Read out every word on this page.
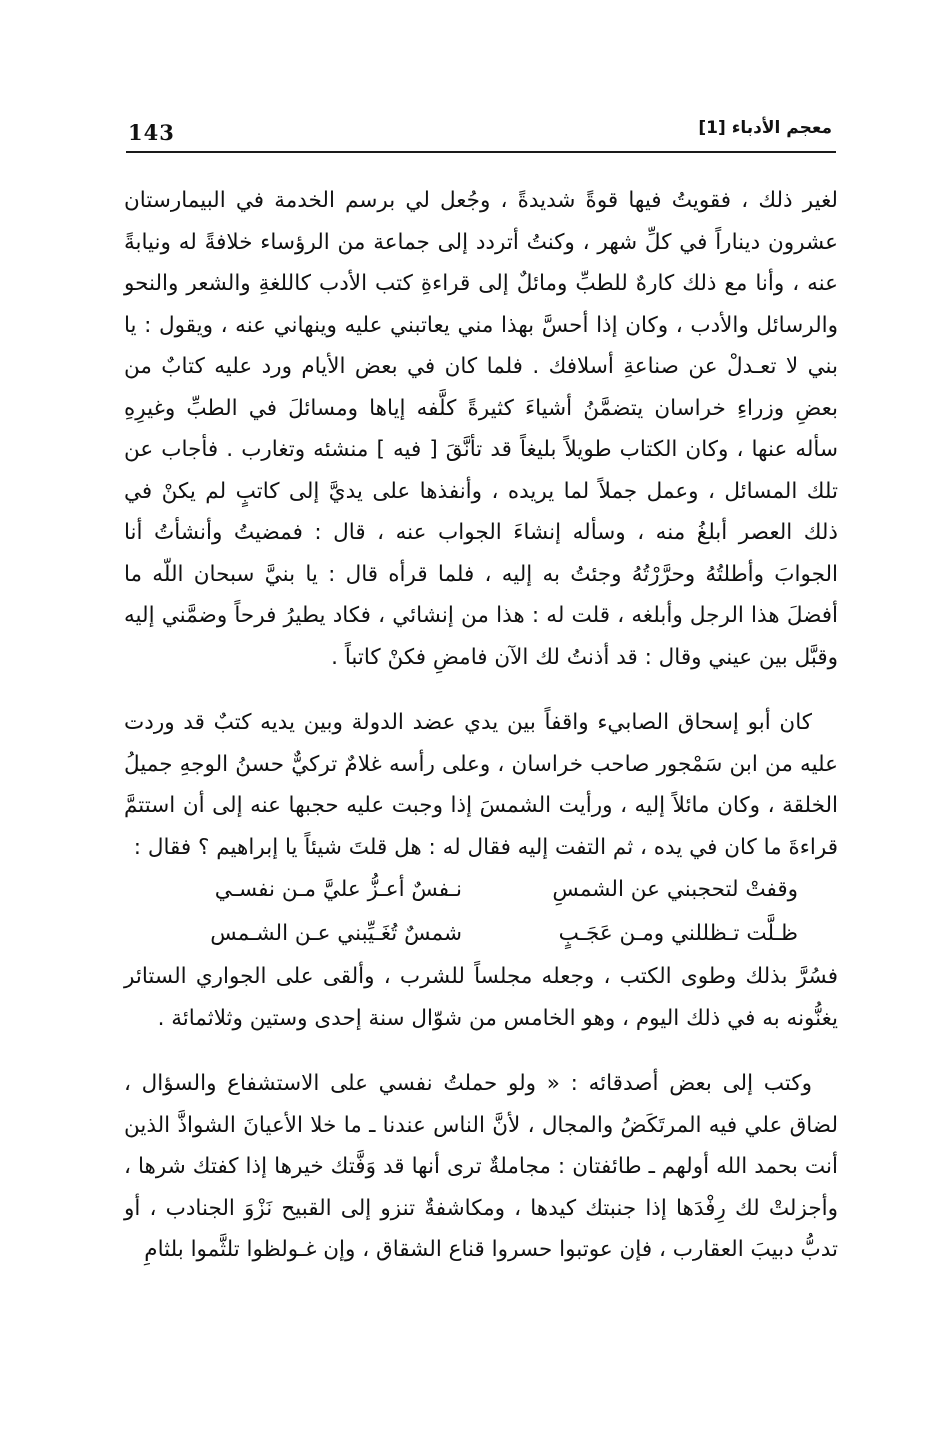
143	معجم الأدباء [1]

لغير ذلك ، فقويتُ فيها قوةً شديدةً ، وجُعل لي برسم الخدمة في البيمارستان عشرون ديناراً في كلِّ شهر ، وكنتُ أتردد إلى جماعة من الرؤساء خلافةً له ونيابةً عنه ، وأنا مع ذلك كارهٌ للطبِّ ومائلٌ إلى قراءةِ كتب الأدب كاللغةِ والشعر والنحو والرسائل والأدب ، وكان إذا أحسَّ بهذا مني يعاتبني عليه وينهاني عنه ، ويقول : يا بني لا تعـدلْ عن صناعةِ أسلافك . فلما كان في بعض الأيام ورد عليه كتابٌ من بعضِ وزراءِ خراسان يتضمَّنُ أشياءَ كثيرةً كلَّفه إياها ومسائلَ في الطبِّ وغيرِهِ سأله عنها ، وكان الكتاب طويلاً بليغاً قد تأنَّقَ [ فيه ] منشئه وتغارب . فأجاب عن تلك المسائل ، وعمل جملاً لما يريده ، وأنفذها على يديَّ إلى كاتبٍ لم يكنْ في ذلك العصر أبلغُ منه ، وسأله إنشاءَ الجواب عنه ، قال : فمضيتُ وأنشأتُ أنا الجوابَ وأطلتُهُ وحرَّرْتُهُ وجئتُ به إليه ، فلما قرأه قال : يا بنيَّ سبحان اللّه ما أفضلَ هذا الرجل وأبلغه ، قلت له : هذا من إنشائي ، فكاد يطيرُ فرحاً وضمَّني إليه وقبَّل بين عيني وقال : قد أذنتُ لك الآن فامضِ فكنْ كاتباً .

كان أبو إسحاق الصابيء واقفاً بين يدي عضد الدولة وبين يديه كتبٌ قد وردت عليه من ابن سَمْجور صاحب خراسان ، وعلى رأسه غلامٌ تركيٌّ حسنُ الوجهِ جميلُ الخلقة ، وكان مائلاً إليه ، ورأيت الشمسَ إذا وجبت عليه حجبها عنه إلى أن استتمَّ قراءةَ ما كان في يده ، ثم التفت إليه فقال له : هل قلتَ شيئاً يا إبراهيم ؟ فقال :

وقفتْ لتحجبني عن الشمسِ
نـفسٌ أعـزُّ عليَّ مـن نفسـي
ظـلَّت تـظللني ومـن عَجَـبٍ
شمسٌ تُغَـيِّبني عـن الشـمس

فسُرَّ بذلك وطوى الكتب ، وجعله مجلساً للشرب ، وألقى على الجواري الستائر يغنُّونه به في ذلك اليوم ، وهو الخامس من شوّال سنة إحدى وستين وثلاثمائة .

وكتب إلى بعض أصدقائه : « ولو حملتُ نفسي على الاستشفاع والسؤال ، لضاق علي فيه المرتَكَضُ والمجال ، لأنَّ الناس عندنا ـ ما خلا الأعيانَ الشواذَّ الذين أنت بحمد الله أولهم ـ طائفتان : مجاملةٌ ترى أنها قد وَفَّتك خيرها إذا كفتك شرها ، وأجزلتْ لك رِفْدَها إذا جنبتك كيدها ، ومكاشفةٌ تنزو إلى القبيح نَزْوَ الجنادب ، أو تدبُّ دبيبَ العقارب ، فإن عوتبوا حسروا قناع الشقاق ، وإن غـولظوا تلثَّموا بلثامِ
